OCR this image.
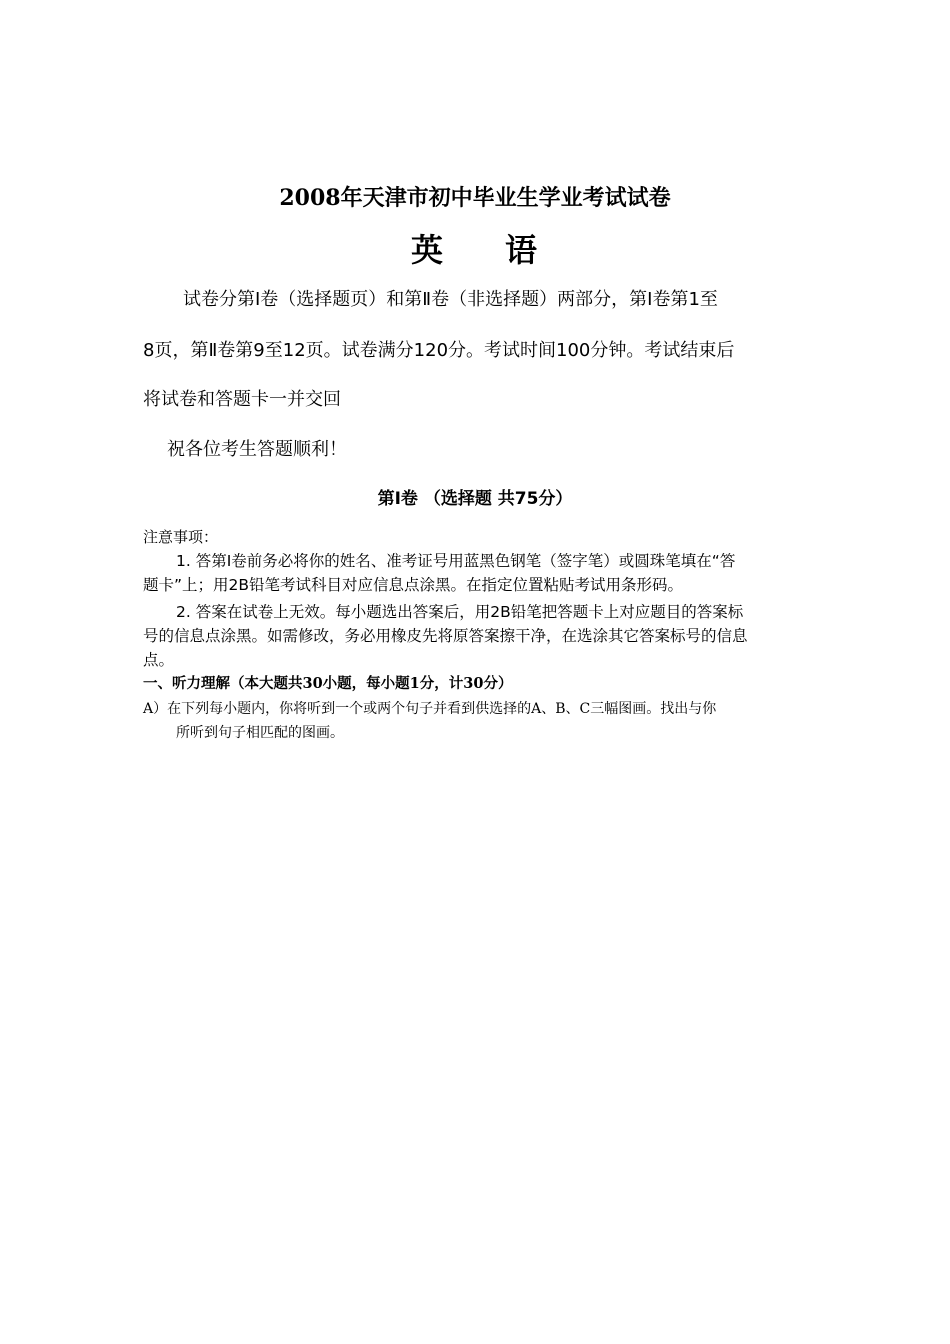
2008年天津市初中毕业生学业考试试卷
英 语

试卷分第Ⅰ卷（选择题页）和第Ⅱ卷（非选择题）两部分，第Ⅰ卷第1至

8页，第Ⅱ卷第9至12页。试卷满分120分。考试时间100分钟。考试结束后

将试卷和答题卡一并交回

祝各位考生答题顺利！

第Ⅰ卷 （选择题 共75分）

注意事项：

1. 答第Ⅰ卷前务必将你的姓名、准考证号用蓝黑色钢笔（签字笔）或圆珠笔填在“答

题卡”上；用2B铅笔考试科目对应信息点涂黑。在指定位置粘贴考试用条形码。

2. 答案在试卷上无效。每小题选出答案后，用2B铅笔把答题卡上对应题目的答案标

号的信息点涂黑。如需修改，务必用橡皮先将原答案擦干净，在选涂其它答案标号的信息

点。

一、听力理解（本大题共30小题，每小题1分，计30分）

A）在下列每小题内，你将听到一个或两个句子并看到供选择的A、B、C三幅图画。找出与你

所听到句子相匹配的图画。
